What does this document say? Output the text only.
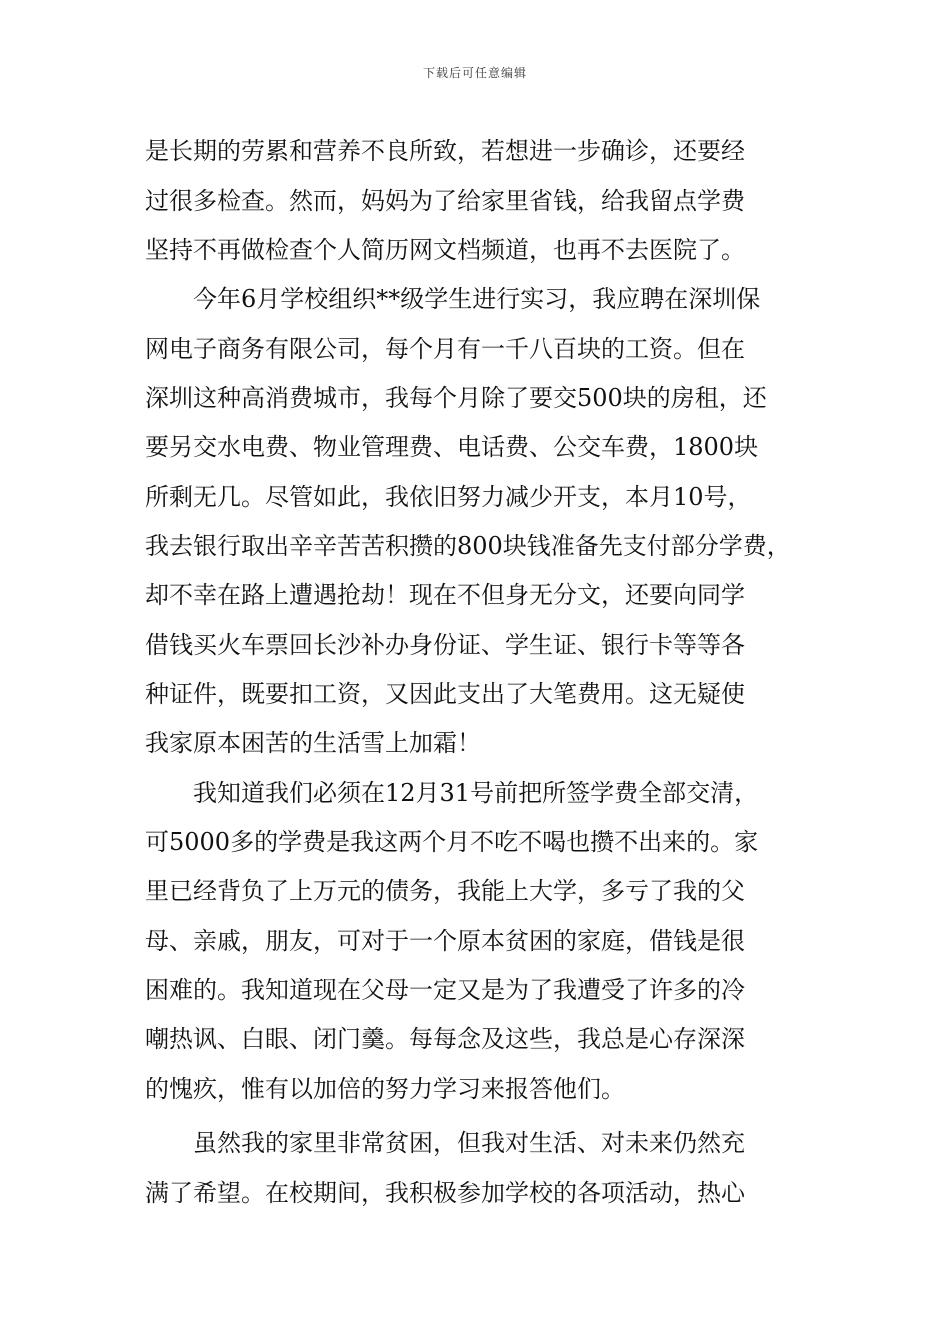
下载后可任意编辑
是长期的劳累和营养不良所致，若想进一步确诊，还要经
过很多检查。然而，妈妈为了给家里省钱，给我留点学费
坚持不再做检查个人简历网文档频道，也再不去医院了。
今年6月学校组织**级学生进行实习，我应聘在深圳保
网电子商务有限公司，每个月有一千八百块的工资。但在
深圳这种高消费城市，我每个月除了要交500块的房租，还
要另交水电费、物业管理费、电话费、公交车费，1800块
所剩无几。尽管如此，我依旧努力减少开支，本月10号，
我去银行取出辛辛苦苦积攒的800块钱准备先支付部分学费，
却不幸在路上遭遇抢劫！现在不但身无分文，还要向同学
借钱买火车票回长沙补办身份证、学生证、银行卡等等各
种证件，既要扣工资，又因此支出了大笔费用。这无疑使
我家原本困苦的生活雪上加霜！
我知道我们必须在12月31号前把所签学费全部交清，
可5000多的学费是我这两个月不吃不喝也攒不出来的。家
里已经背负了上万元的债务，我能上大学，多亏了我的父
母、亲戚，朋友，可对于一个原本贫困的家庭，借钱是很
困难的。我知道现在父母一定又是为了我遭受了许多的冷
嘲热讽、白眼、闭门羹。每每念及这些，我总是心存深深
的愧疚，惟有以加倍的努力学习来报答他们。
虽然我的家里非常贫困，但我对生活、对未来仍然充
满了希望。在校期间，我积极参加学校的各项活动，热心
